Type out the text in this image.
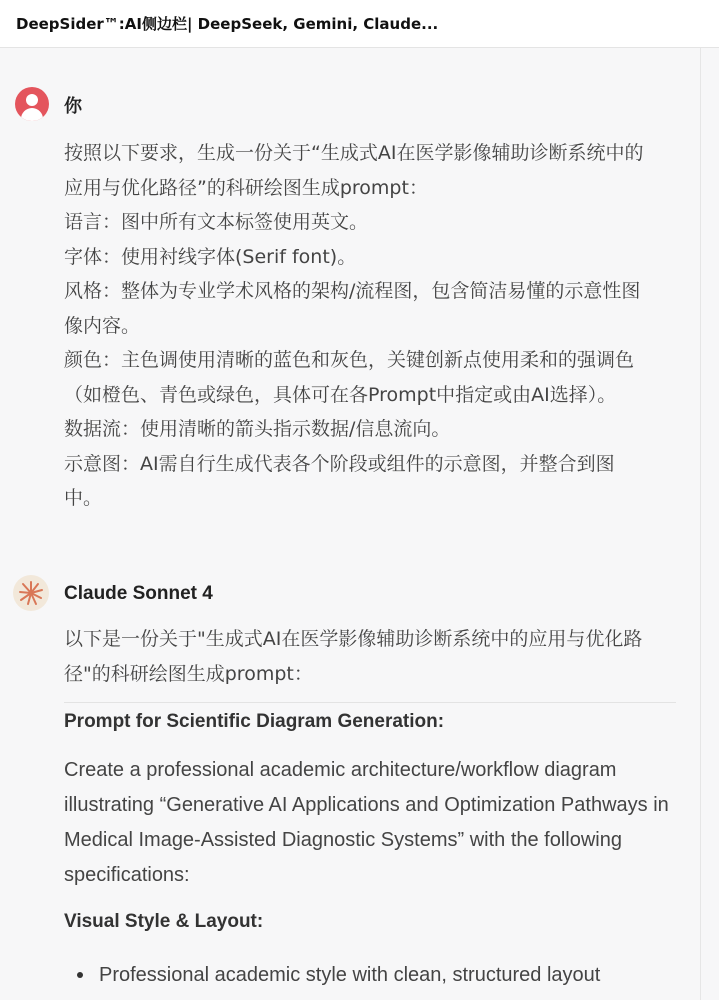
DeepSider™:AI侧边栏| DeepSeek, Gemini, Claude...
你
按照以下要求，生成一份关于“生成式AI在医学影像辅助诊断系统中的
应用与优化路径”的科研绘图生成prompt：
语言：图中所有文本标签使用英文。
字体：使用衬线字体(Serif font)。
风格：整体为专业学术风格的架构/流程图，包含简洁易懂的示意性图
像内容。
颜色：主色调使用清晰的蓝色和灰色，关键创新点使用柔和的强调色
（如橙色、青色或绿色，具体可在各Prompt中指定或由AI选择）。
数据流：使用清晰的箭头指示数据/信息流向。
示意图：AI需自行生成代表各个阶段或组件的示意图，并整合到图
中。
Claude Sonnet 4
以下是一份关于"生成式AI在医学影像辅助诊断系统中的应用与优化路
径"的科研绘图生成prompt：
Prompt for Scientific Diagram Generation:
Create a professional academic architecture/workflow diagram
illustrating “Generative AI Applications and Optimization Pathways in
Medical Image-Assisted Diagnostic Systems” with the following
specifications:
Visual Style & Layout:
Professional academic style with clean, structured layout
